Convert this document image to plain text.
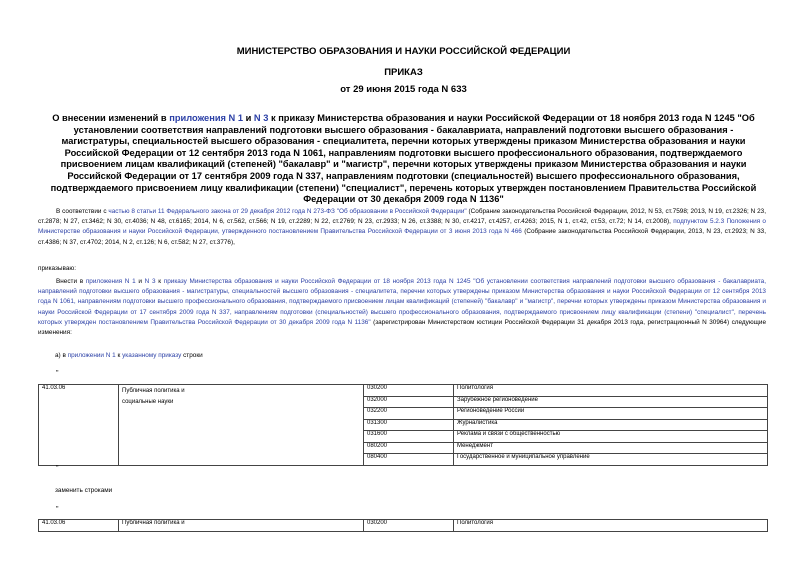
МИНИСТЕРСТВО ОБРАЗОВАНИЯ И НАУКИ РОССИЙСКОЙ ФЕДЕРАЦИИ
ПРИКАЗ
от 29 июня 2015 года N 633
О внесении изменений в приложения N 1 и N 3 к приказу Министерства образования и науки Российской Федерации от 18 ноября 2013 года N 1245 "Об установлении соответствия направлений подготовки высшего образования - бакалавриата, направлений подготовки высшего образования - магистратуры, специальностей высшего образования - специалитета, перечни которых утверждены приказом Министерства образования и науки Российской Федерации от 12 сентября 2013 года N 1061, направлениям подготовки высшего профессионального образования, подтверждаемого присвоением лицам квалификаций (степеней) "бакалавр" и "магистр", перечни которых утверждены приказом Министерства образования и науки Российской Федерации от 17 сентября 2009 года N 337, направлениям подготовки (специальностей) высшего профессионального образования, подтверждаемого присвоением лицу квалификации (степени) "специалист", перечень которых утвержден постановлением Правительства Российской Федерации от 30 декабря 2009 года N 1136"
В соответствии с частью 8 статьи 11 Федерального закона от 29 декабря 2012 года N 273-ФЗ "Об образовании в Российской Федерации" (Собрание законодательства Российской Федерации, 2012, N 53, ст.7598; 2013, N 19, ст.2326; N 23, ст.2878; N 27, ст.3462; N 30, ст.4036; N 48, ст.6165; 2014, N 6, ст.562, ст.566; N 19, ст.2289; N 22, ст.2769; N 23, ст.2933; N 26, ст.3388; N 30, ст.4217, ст.4257, ст.4263; 2015, N 1, ст.42, ст.53, ст.72; N 14, ст.2008), подпунктом 5.2.3 Положения о Министерстве образования и науки Российской Федерации, утвержденного постановлением Правительства Российской Федерации от 3 июня 2013 года N 466 (Собрание законодательства Российской Федерации, 2013, N 23, ст.2923; N 33, ст.4386; N 37, ст.4702; 2014, N 2, ст.126; N 6, ст.582; N 27, ст.3776),
приказываю:
Внести в приложения N 1 и N 3 к приказу Министерства образования и науки Российской Федерации от 18 ноября 2013 года N 1245 "Об установлении соответствия направлений подготовки высшего образования - бакалавриата, направлений подготовки высшего образования - магистратуры, специальностей высшего образования - специалитета, перечни которых утверждены приказом Министерства образования и науки Российской Федерации от 12 сентября 2013 года N 1061, направлениям подготовки высшего профессионального образования, подтверждаемого присвоением лицам квалификаций (степеней) "бакалавр" и "магистр", перечни которых утверждены приказом Министерства образования и науки Российской Федерации от 17 сентября 2009 года N 337, направлениям подготовки (специальностей) высшего профессионального образования, подтверждаемого присвоением лицу квалификации (степени) "специалист", перечень которых утвержден постановлением Правительства Российской Федерации от 30 декабря 2009 года N 1136" (зарегистрирован Министерством юстиции Российской Федерации 31 декабря 2013 года, регистрационный N 30964) следующие изменения:
а) в приложении N 1 к указанному приказу строки
"
41.03.06	Публичная политика и
социальные науки	030200	Политология
		032000	Зарубежное регионоведение
		032200	Регионоведение России
		031300	Журналистика
		031600	Реклама и связи с общественностью
		080200	Менеджмент
		080400	Государственное и муниципальное управление
"
заменить строками
"
41.03.06	Публичная политика и	030200	Политология
